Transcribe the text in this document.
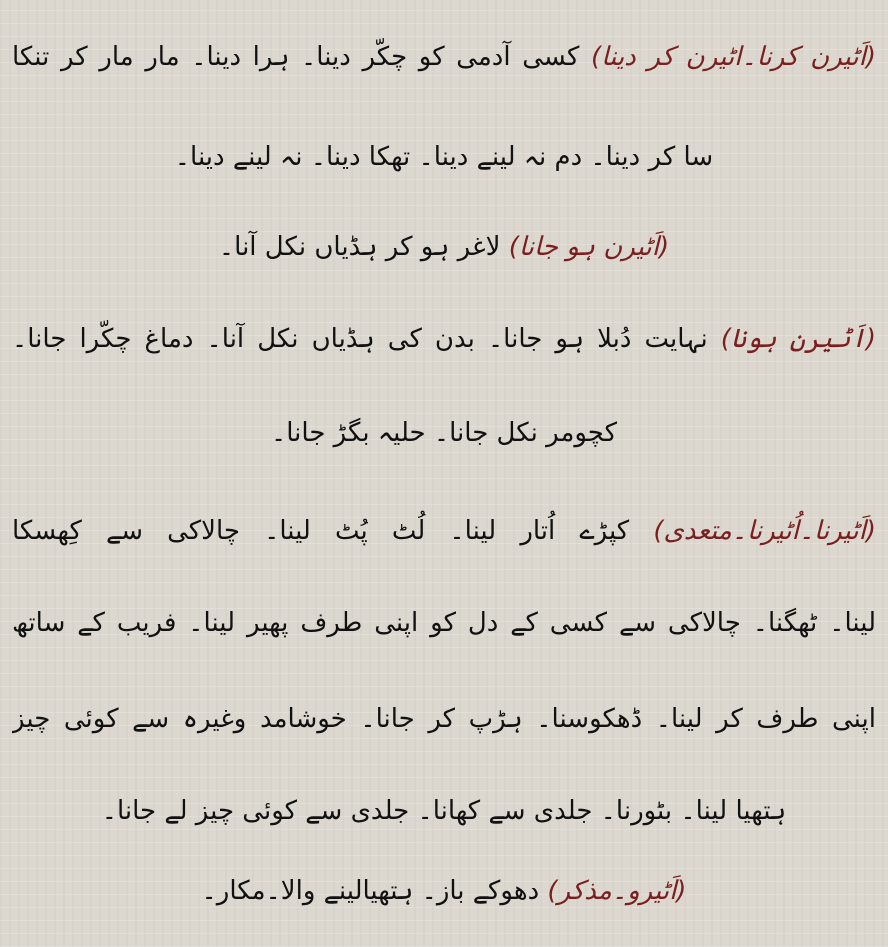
(اَٹیرن کرنا۔اٹیرن کر دینا) کسی آدمی کو چکّر دینا۔ ہرا دینا۔ مار مار کر تنکا
سا کر دینا۔ دم نہ لینے دینا۔ تھکا دینا۔ نہ لینے دینا۔
(اَٹیرن ہو جانا) لاغر ہو کر ہڈیاں نکل آنا۔
(اَٹیرن ہونا) نہایت دُبلا ہو جانا۔ بدن کی ہڈیاں نکل آنا۔ دماغ چکّرا جانا۔
کچومر نکل جانا۔ حلیہ بگڑ جانا۔
(اَٹیرنا۔اُٹیرنا۔متعدی) کپڑے اُتار لینا۔ لُٹ پُٹ لینا۔ چالاکی سے کِھسکا
لینا۔ ٹھگنا۔ چالاکی سے کسی کے دل کو اپنی طرف پھیر لینا۔ فریب کے ساتھ
اپنی طرف کر لینا۔ ڈھکوسنا۔ ہڑپ کر جانا۔ خوشامد وغیرہ سے کوئی چیز
ہتھیا لینا۔ بٹورنا۔ جلدی سے کھانا۔ جلدی سے کوئی چیز لے جانا۔
(اَٹیرو۔مذکر) دھوکے باز۔ ہتھیالینے والا۔مکار۔
